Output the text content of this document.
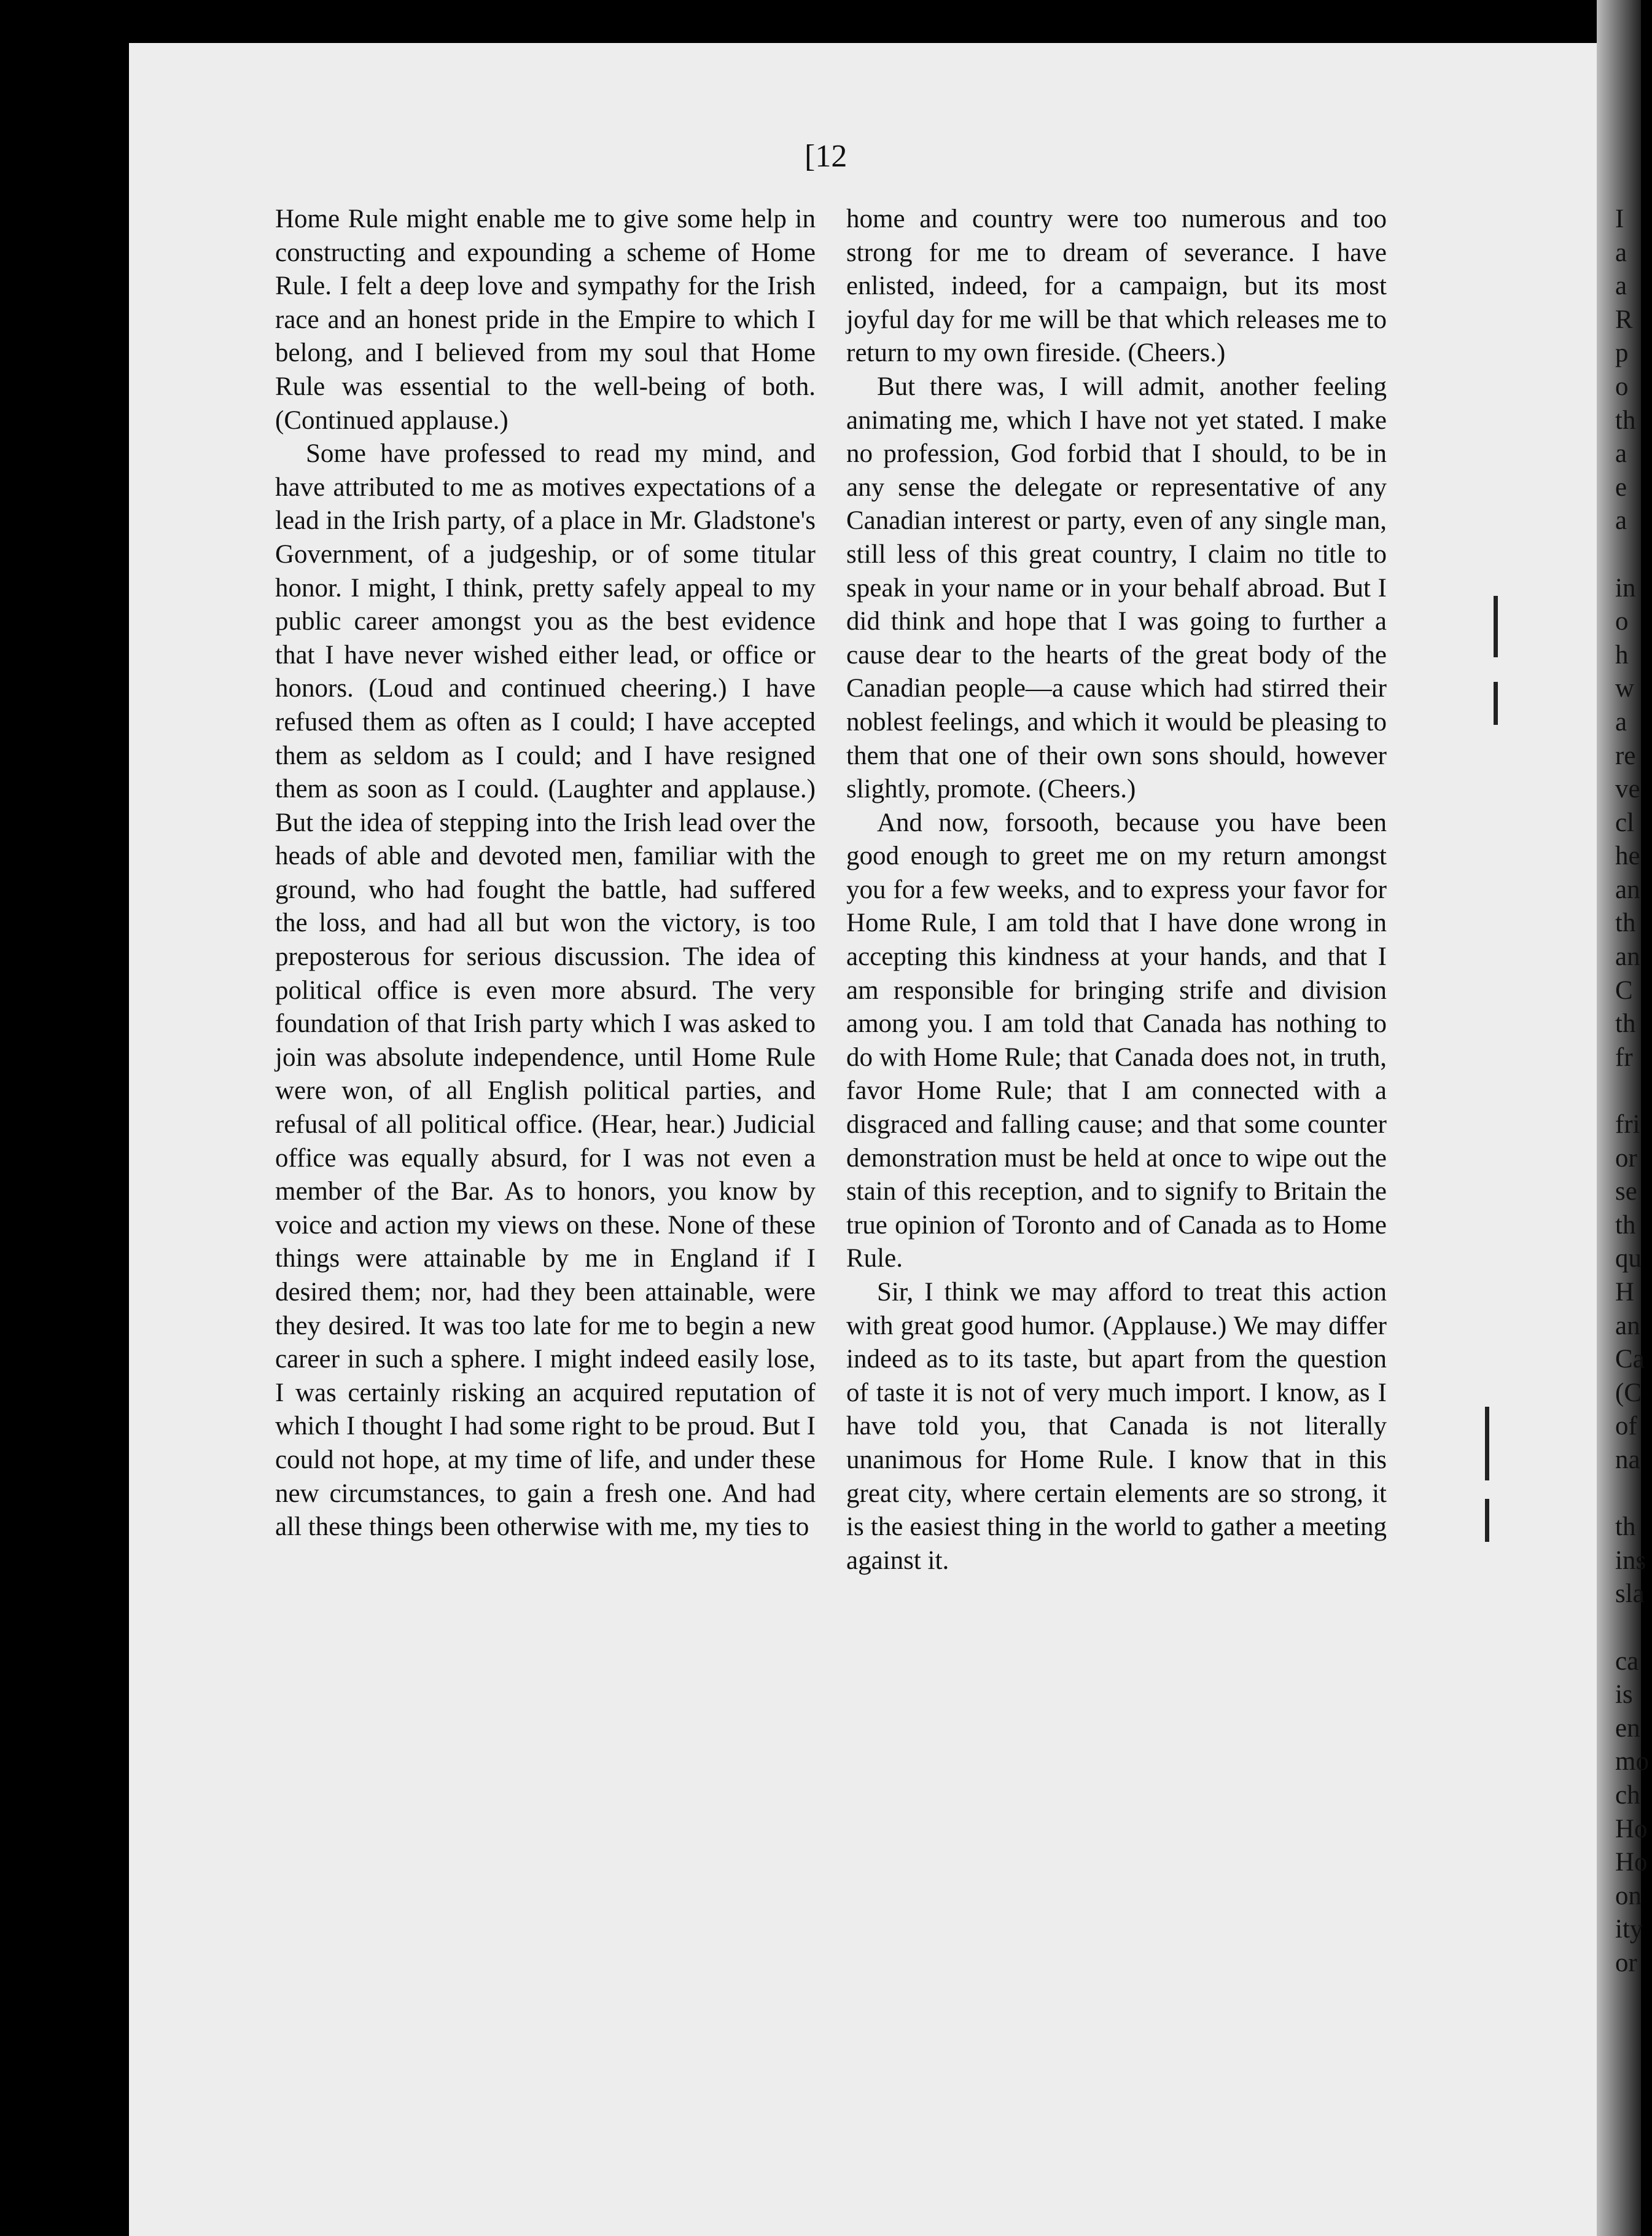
[12

Home Rule might enable me to give some help in constructing and expounding a scheme of Home Rule. I felt a deep love and sympathy for the Irish race and an honest pride in the Empire to which I belong, and I believed from my soul that Home Rule was essential to the well-being of both. (Continued applause.)

Some have professed to read my mind, and have attributed to me as motives expectations of a lead in the Irish party, of a place in Mr. Gladstone's Government, of a judgeship, or of some titular honor. I might, I think, pretty safely appeal to my public career amongst you as the best evidence that I have never wished either lead, or office or honors. (Loud and continued cheering.) I have refused them as often as I could; I have accepted them as seldom as I could; and I have resigned them as soon as I could. (Laughter and applause.) But the idea of stepping into the Irish lead over the heads of able and devoted men, familiar with the ground, who had fought the battle, had suffered the loss, and had all but won the victory, is too preposterous for serious discussion. The idea of political office is even more absurd. The very foundation of that Irish party which I was asked to join was absolute independence, until Home Rule were won, of all English political parties, and refusal of all political office. (Hear, hear.) Judicial office was equally absurd, for I was not even a member of the Bar. As to honors, you know by voice and action my views on these. None of these things were attainable by me in England if I desired them; nor, had they been attainable, were they desired. It was too late for me to begin a new career in such a sphere. I might indeed easily lose, I was certainly risking an acquired reputation of which I thought I had some right to be proud. But I could not hope, at my time of life, and under these new circumstances, to gain a fresh one. And had all these things been otherwise with me, my ties to

home and country were too numerous and too strong for me to dream of severance. I have enlisted, indeed, for a campaign, but its most joyful day for me will be that which releases me to return to my own fireside. (Cheers.)

But there was, I will admit, another feeling animating me, which I have not yet stated. I make no profession, God forbid that I should, to be in any sense the delegate or representative of any Canadian interest or party, even of any single man, still less of this great country, I claim no title to speak in your name or in your behalf abroad. But I did think and hope that I was going to further a cause dear to the hearts of the great body of the Canadian people—a cause which had stirred their noblest feelings, and which it would be pleasing to them that one of their own sons should, however slightly, promote. (Cheers.)

And now, forsooth, because you have been good enough to greet me on my return amongst you for a few weeks, and to express your favor for Home Rule, I am told that I have done wrong in accepting this kindness at your hands, and that I am responsible for bringing strife and division among you. I am told that Canada has nothing to do with Home Rule; that Canada does not, in truth, favor Home Rule; that I am connected with a disgraced and falling cause; and that some counter demonstration must be held at once to wipe out the stain of this reception, and to signify to Britain the true opinion of Toronto and of Canada as to Home Rule.

Sir, I think we may afford to treat this action with great good humor. (Applause.) We may differ indeed as to its taste, but apart from the question of taste it is not of very much import. I know, as I have told you, that Canada is not literally unanimous for Home Rule. I know that in this great city, where certain elements are so strong, it is the easiest thing in the world to gather a meeting against it.

I
a
a
R
p
o
th
a
e
a

in
o
h
w
a
re
ve
cl
he
an
th
an
C
th
fr

fri
or
se
th
qu
H
an
Ca
(C
of
na

th
ins
sla

ca
is
en
mo
ch
Ho
Ho
on
ity
or
